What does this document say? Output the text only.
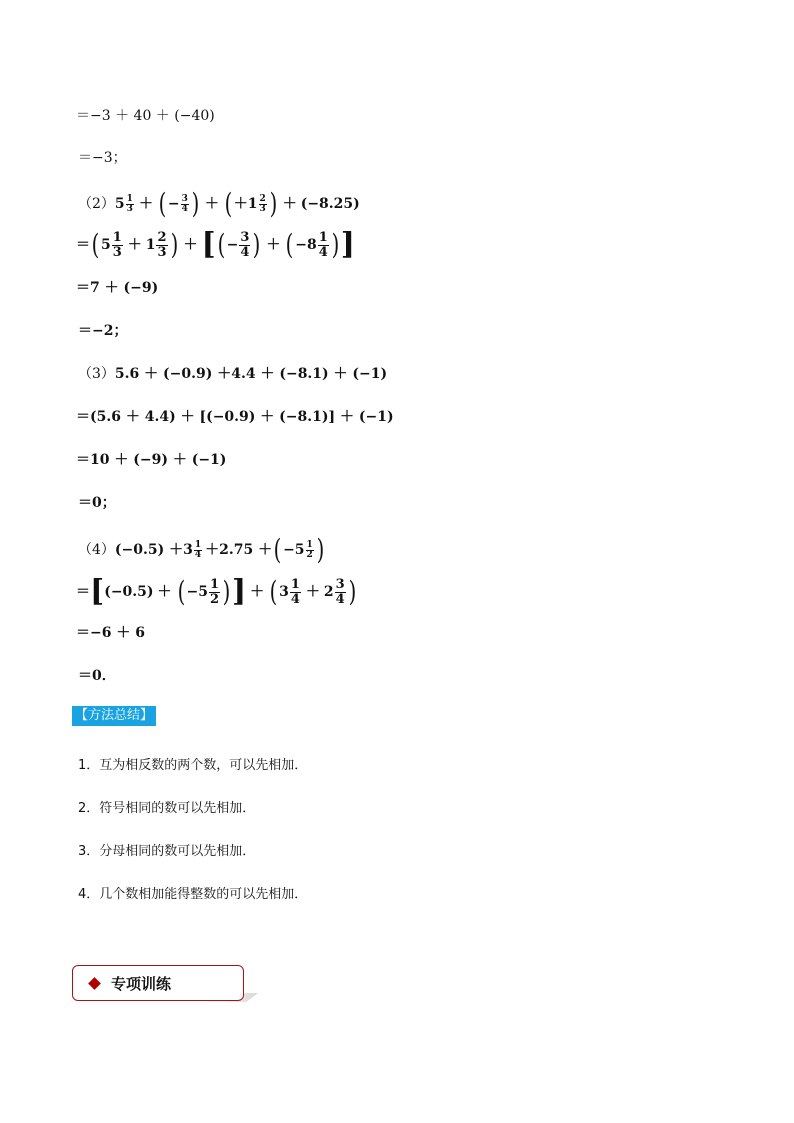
＝−3 ＋ 40 ＋ (−40)
＝−3；
（2） 5 1
3 ＋ ( − 3
4 ) ＋ ( ＋ 1 2
3 ) ＋ (−8.25)
＝ ( 5 1
3 ＋ 1 2
3 ) ＋ [ ( − 3
4 ) ＋ ( − 8 1
4 ) ]
＝7 ＋ (−9)
＝−2；
（3） 5.6 ＋ (−0.9) ＋4.4 ＋ (−8.1) ＋ (−1)
＝(5.6 ＋ 4.4) ＋ [(−0.9) ＋ (−8.1)] ＋ (−1)
＝10 ＋ (−9) ＋ (−1)
＝0；
（4） (−0.5) ＋3 1
4 ＋2.75 ＋ ( − 5 1
2 )
＝ [ (−0.5) ＋ ( − 5 1
2 ) ] ＋ ( 3 1
4 ＋ 2 3
4 )
＝−6 ＋ 6
＝0．
【方法总结】
1．互为相反数的两个数，可以先相加．
2．符号相同的数可以先相加．
3．分母相同的数可以先相加．
4．几个数相加能得整数的可以先相加．
专项训练
